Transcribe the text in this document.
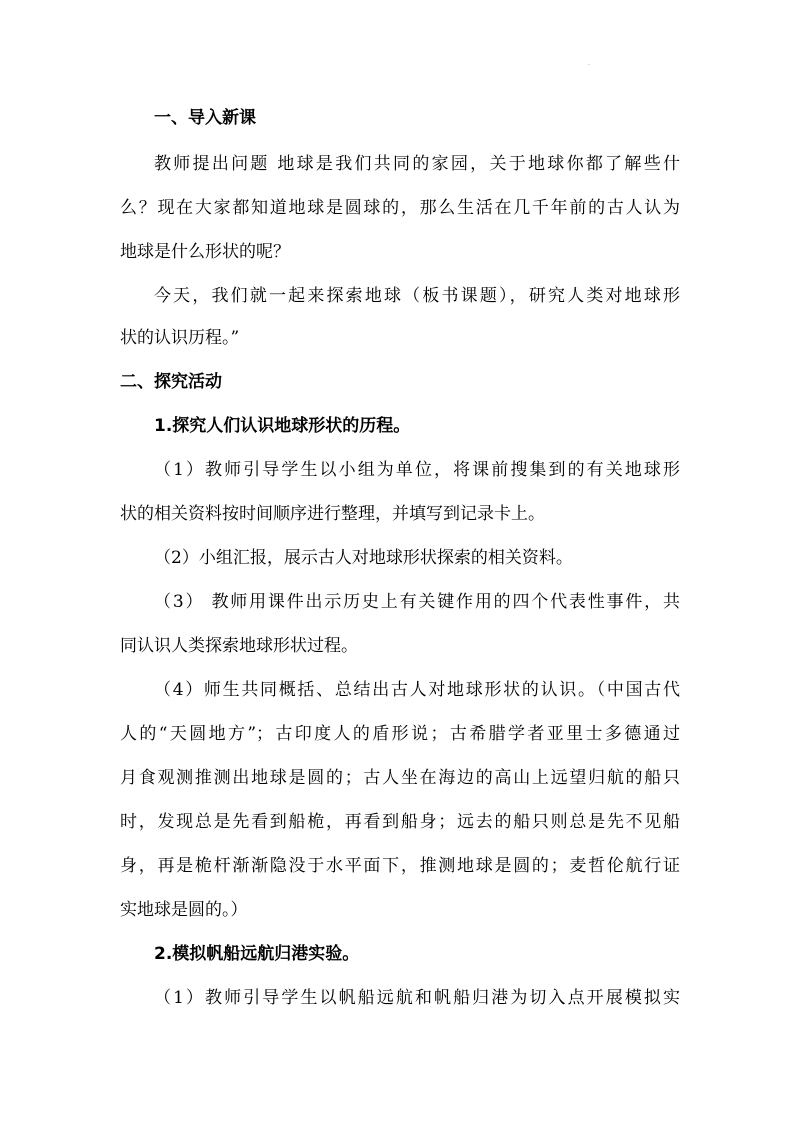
.
一、导入新课
教师提出问题 地球是我们共同的家园，关于地球你都了解些什
么？现在大家都知道地球是圆球的，那么生活在几千年前的古人认为
地球是什么形状的呢？
今天，我们就一起来探索地球（板书课题），研究人类对地球形
状的认识历程。”
二、探究活动
1.探究人们认识地球形状的历程。
（1）教师引导学生以小组为单位，将课前搜集到的有关地球形
状的相关资料按时间顺序进行整理，并填写到记录卡上。
（2）小组汇报，展示古人对地球形状探索的相关资料。
（3） 教师用课件出示历史上有关键作用的四个代表性事件，共
同认识人类探索地球形状过程。
（4）师生共同概括、总结出古人对地球形状的认识。（中国古代
人的“天圆地方”；古印度人的盾形说；古希腊学者亚里士多德通过
月食观测推测出地球是圆的；古人坐在海边的高山上远望归航的船只
时，发现总是先看到船桅，再看到船身；远去的船只则总是先不见船
身，再是桅杆渐渐隐没于水平面下，推测地球是圆的；麦哲伦航行证
实地球是圆的。）
2.模拟帆船远航归港实验。
（1）教师引导学生以帆船远航和帆船归港为切入点开展模拟实
